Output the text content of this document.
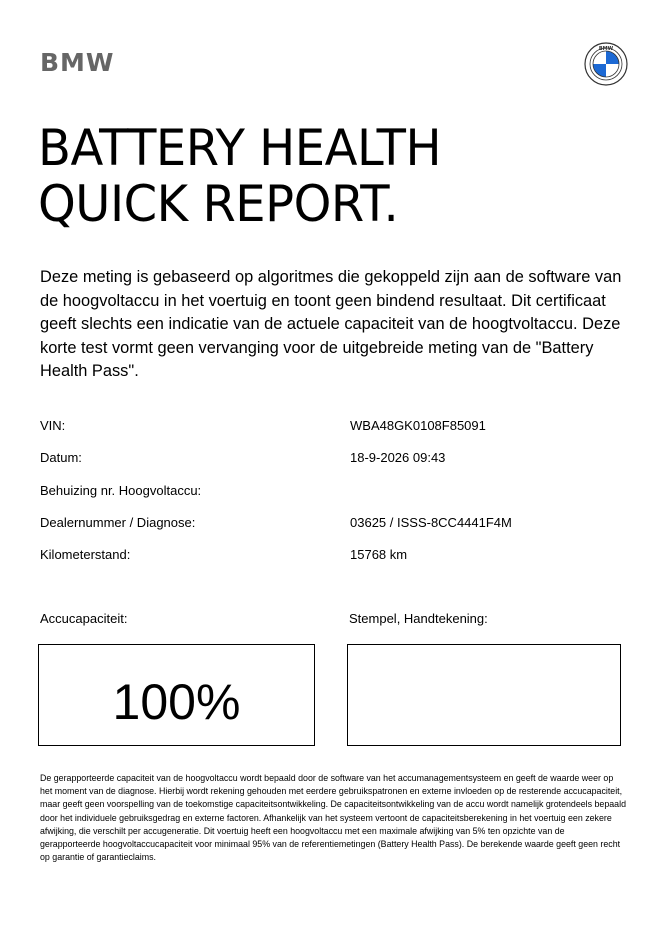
BMW	BMW
BATTERY HEALTH
QUICK REPORT.

Deze meting is gebaseerd op algoritmes die gekoppeld zijn aan de software van de hoogvoltaccu in het voertuig en toont geen bindend resultaat. Dit certificaat geeft slechts een indicatie van de actuele capaciteit van de hoogtvoltaccu. Deze korte test vormt geen vervanging voor de uitgebreide meting van de "Battery Health Pass".

VIN:	WBA48GK0108F85091
Datum:	18-9-2026 09:43
Behuizing nr. Hoogvoltaccu:
Dealernummer / Diagnose:	03625 / ISSS-8CC4441F4M
Kilometerstand:	15768 km
Accucapaciteit:	Stempel, Handtekening:
100%

De gerapporteerde capaciteit van de hoogvoltaccu wordt bepaald door de software van het accumanagementsysteem en geeft de waarde weer op het moment van de diagnose. Hierbij wordt rekening gehouden met eerdere gebruikspatronen en externe invloeden op de resterende accucapaciteit, maar geeft geen voorspelling van de toekomstige capaciteitsontwikkeling. De capaciteitsontwikkeling van de accu wordt namelijk grotendeels bepaald door het individuele gebruiksgedrag en externe factoren. Afhankelijk van het systeem vertoont de capaciteitsberekening in het voertuig een zekere afwijking, die verschilt per accugeneratie. Dit voertuig heeft een hoogvoltaccu met een maximale afwijking van 5% ten opzichte van de gerapporteerde hoogvoltaccucapaciteit voor minimaal 95% van de referentiemetingen (Battery Health Pass). De berekende waarde geeft geen recht op garantie of garantieclaims.
